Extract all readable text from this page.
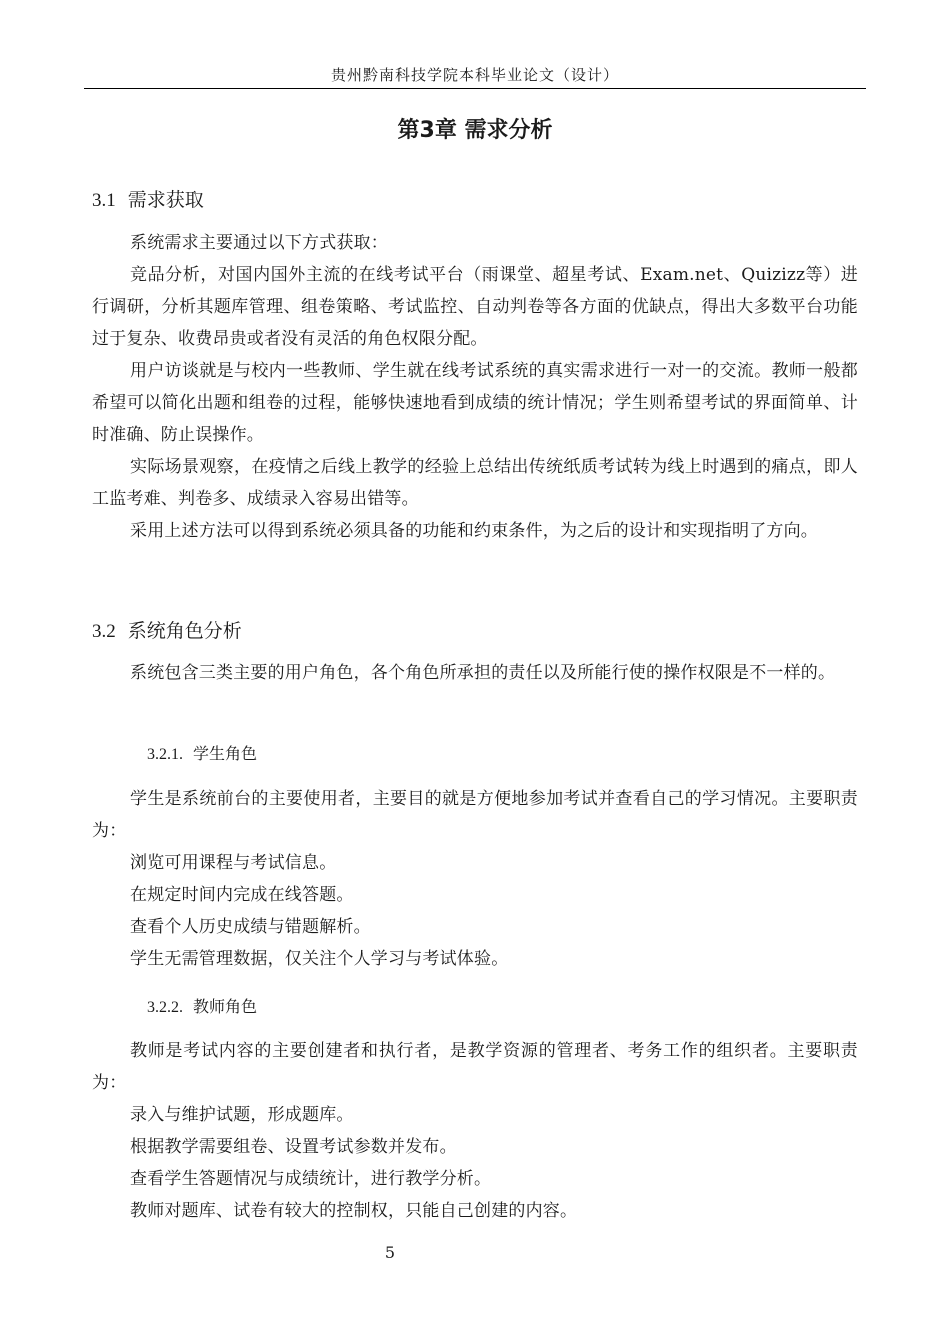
贵州黔南科技学院本科毕业论文（设计）
第3章 需求分析
3.1 需求获取
系统需求主要通过以下方式获取：
竞品分析，对国内国外主流的在线考试平台（雨课堂、超星考试、Exam.net、Quizizz等）进行调研，分析其题库管理、组卷策略、考试监控、自动判卷等各方面的优缺点，得出大多数平台功能过于复杂、收费昂贵或者没有灵活的角色权限分配。
用户访谈就是与校内一些教师、学生就在线考试系统的真实需求进行一对一的交流。教师一般都希望可以简化出题和组卷的过程，能够快速地看到成绩的统计情况；学生则希望考试的界面简单、计时准确、防止误操作。
实际场景观察，在疫情之后线上教学的经验上总结出传统纸质考试转为线上时遇到的痛点，即人工监考难、判卷多、成绩录入容易出错等。
采用上述方法可以得到系统必须具备的功能和约束条件，为之后的设计和实现指明了方向。
3.2 系统角色分析
系统包含三类主要的用户角色，各个角色所承担的责任以及所能行使的操作权限是不一样的。
3.2.1. 学生角色
学生是系统前台的主要使用者，主要目的就是方便地参加考试并查看自己的学习情况。主要职责为：
浏览可用课程与考试信息。
在规定时间内完成在线答题。
查看个人历史成绩与错题解析。
学生无需管理数据，仅关注个人学习与考试体验。
3.2.2. 教师角色
教师是考试内容的主要创建者和执行者，是教学资源的管理者、考务工作的组织者。主要职责为：
录入与维护试题，形成题库。
根据教学需要组卷、设置考试参数并发布。
查看学生答题情况与成绩统计，进行教学分析。
教师对题库、试卷有较大的控制权，只能自己创建的内容。
5
